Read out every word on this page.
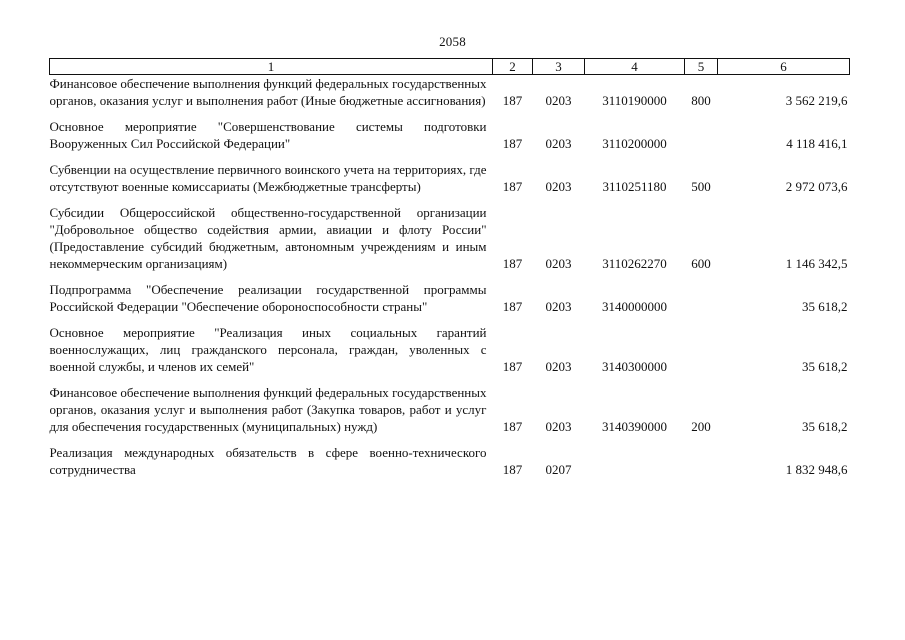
2058
1	2	3	4	5	6
Финансовое обеспечение выполнения функций федеральных государственных органов, оказания услуг и выполнения работ (Иные бюджетные ассигнования)	187	0203	3110190000	800	3 562 219,6
Основное мероприятие "Совершенствование системы подготовки Вооруженных Сил Российской Федерации"	187	0203	3110200000		4 118 416,1
Субвенции на осуществление первичного воинского учета на территориях, где отсутствуют военные комиссариаты (Межбюджетные трансферты)	187	0203	3110251180	500	2 972 073,6
Субсидии Общероссийской общественно-государственной организации "Добровольное общество содействия армии, авиации и флоту России" (Предоставление субсидий бюджетным, автономным учреждениям и иным некоммерческим организациям)	187	0203	3110262270	600	1 146 342,5
Подпрограмма "Обеспечение реализации государственной программы Российской Федерации "Обеспечение обороноспособности страны"	187	0203	3140000000		35 618,2
Основное мероприятие "Реализация иных социальных гарантий военнослужащих, лиц гражданского персонала, граждан, уволенных с военной службы, и членов их семей"	187	0203	3140300000		35 618,2
Финансовое обеспечение выполнения функций федеральных государственных органов, оказания услуг и выполнения работ (Закупка товаров, работ и услуг для обеспечения государственных (муниципальных) нужд)	187	0203	3140390000	200	35 618,2
Реализация международных обязательств в сфере военно-технического сотрудничества	187	0207			1 832 948,6
